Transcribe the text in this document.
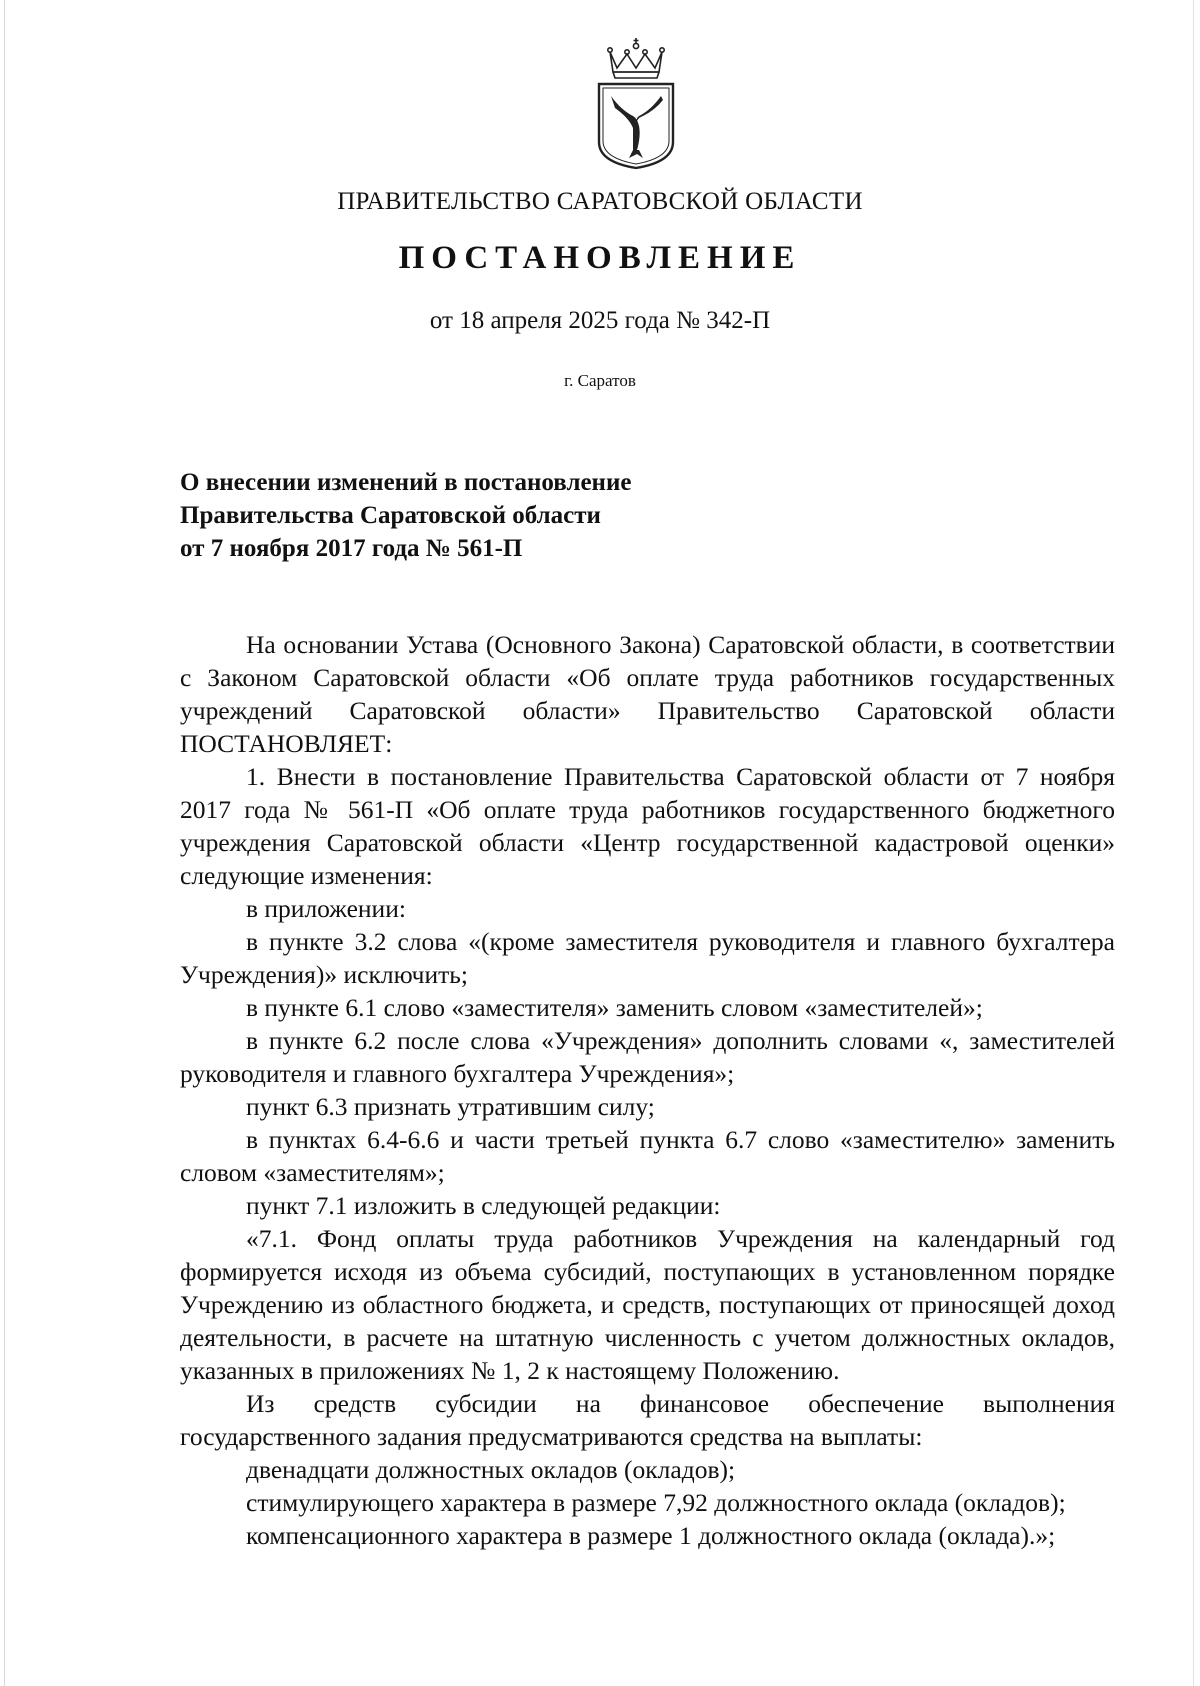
ПРАВИТЕЛЬСТВО САРАТОВСКОЙ ОБЛАСТИ
ПОСТАНОВЛЕНИЕ
от 18 апреля 2025 года № 342-П
г. Саратов
О внесении изменений в постановление
Правительства Саратовской области
от 7 ноября 2017 года № 561-П

На основании Устава (Основного Закона) Саратовской области, в соответствии с Законом Саратовской области «Об оплате труда работников государственных учреждений Саратовской области» Правительство Саратовской области ПОСТАНОВЛЯЕТ:

1. Внести в постановление Правительства Саратовской области от 7 ноября 2017 года № 561-П «Об оплате труда работников государственного бюджетного учреждения Саратовской области «Центр государственной кадастровой оценки» следующие изменения:

в приложении:

в пункте 3.2 слова «(кроме заместителя руководителя и главного бухгалтера Учреждения)» исключить;

в пункте 6.1 слово «заместителя» заменить словом «заместителей»;

в пункте 6.2 после слова «Учреждения» дополнить словами «, заместителей руководителя и главного бухгалтера Учреждения»;

пункт 6.3 признать утратившим силу;

в пунктах 6.4-6.6 и части третьей пункта 6.7 слово «заместителю» заменить словом «заместителям»;

пункт 7.1 изложить в следующей редакции:

«7.1. Фонд оплаты труда работников Учреждения на календарный год формируется исходя из объема субсидий, поступающих в установленном порядке Учреждению из областного бюджета, и средств, поступающих от приносящей доход деятельности, в расчете на штатную численность с учетом должностных окладов, указанных в приложениях № 1, 2 к настоящему Положению.

Из средств субсидии на финансовое обеспечение выполнения государственного задания предусматриваются средства на выплаты:

двенадцати должностных окладов (окладов);

стимулирующего характера в размере 7,92 должностного оклада (окладов);

компенсационного характера в размере 1 должностного оклада (оклада).»;
